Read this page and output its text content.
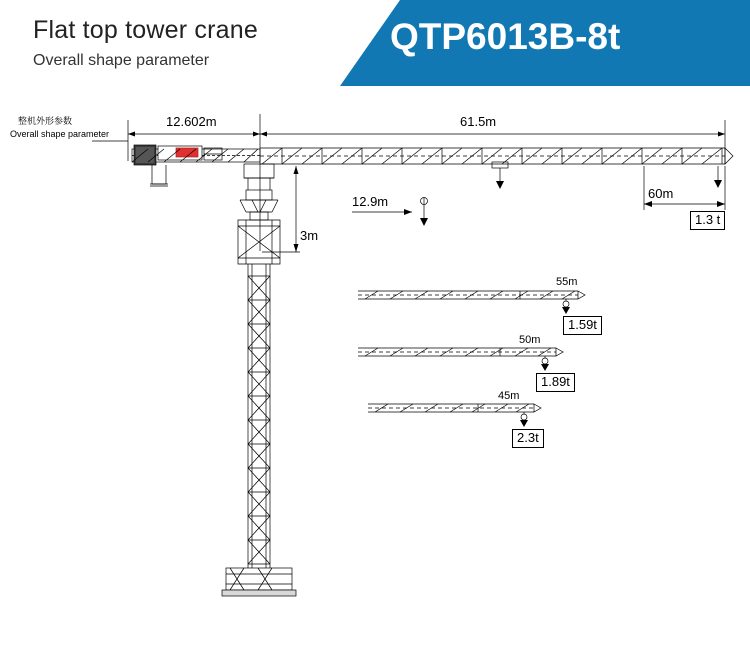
Flat top tower crane
Overall shape parameter
QTP6013B-8t
整机外形参数
Overall shape parameter
12.602m	61.5m
3m
12.9m
60m
1.3 t
55m
1.59t
50m
1.89t
45m
2.3t
